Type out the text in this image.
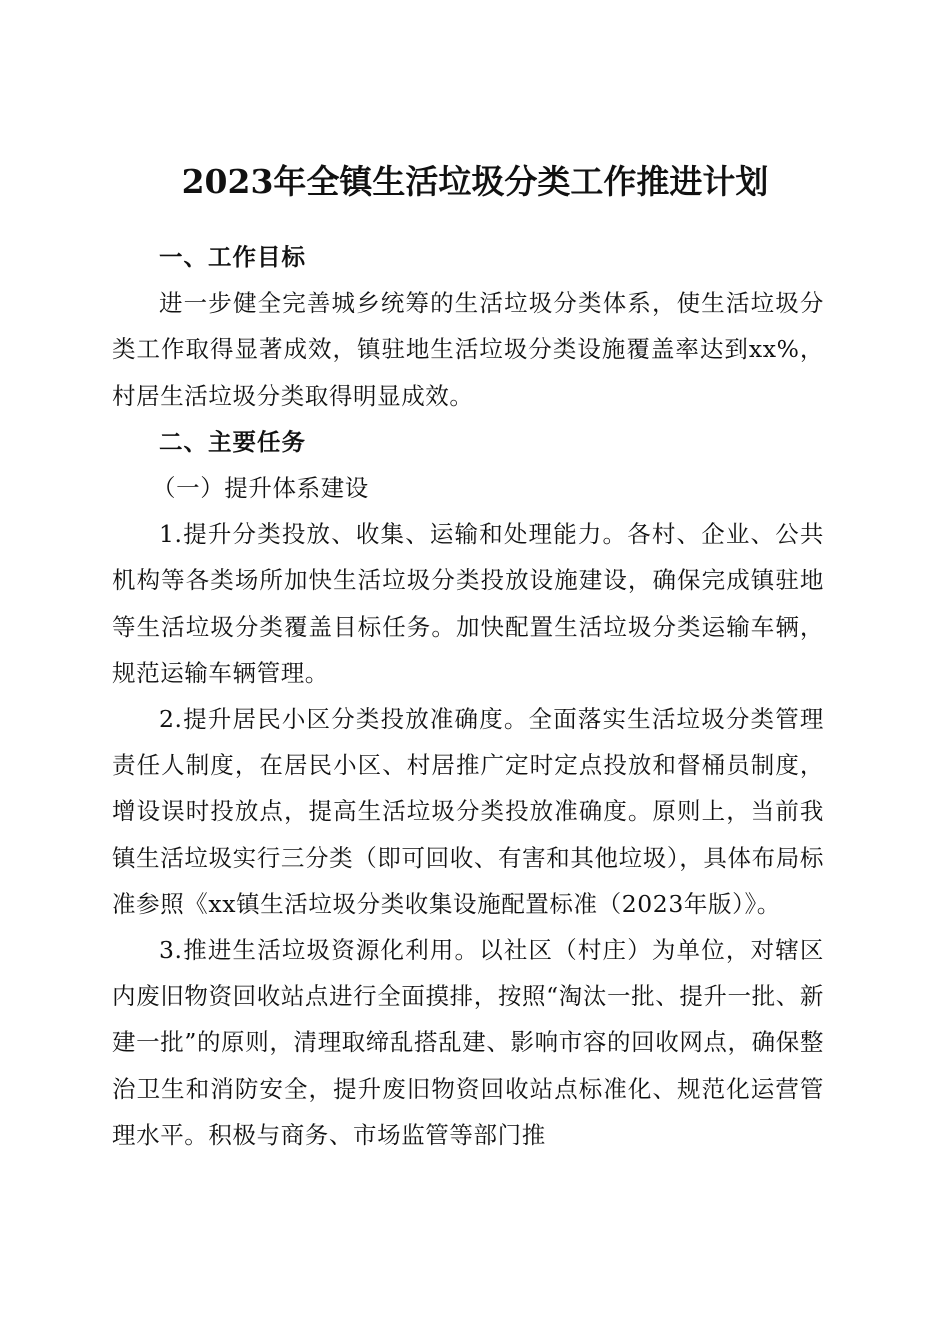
2023年全镇生活垃圾分类工作推进计划

一、工作目标

进一步健全完善城乡统筹的生活垃圾分类体系，使生活垃圾分类工作取得显著成效，镇驻地生活垃圾分类设施覆盖率达到xx%，村居生活垃圾分类取得明显成效。

二、主要任务

（一）提升体系建设

1.提升分类投放、收集、运输和处理能力。各村、企业、公共机构等各类场所加快生活垃圾分类投放设施建设，确保完成镇驻地等生活垃圾分类覆盖目标任务。加快配置生活垃圾分类运输车辆，规范运输车辆管理。

2.提升居民小区分类投放准确度。全面落实生活垃圾分类管理责任人制度，在居民小区、村居推广定时定点投放和督桶员制度，增设误时投放点，提高生活垃圾分类投放准确度。原则上，当前我镇生活垃圾实行三分类（即可回收、有害和其他垃圾），具体布局标准参照《xx镇生活垃圾分类收集设施配置标准（2023年版）》。

3.推进生活垃圾资源化利用。以社区（村庄）为单位，对辖区内废旧物资回收站点进行全面摸排，按照“淘汰一批、提升一批、新建一批”的原则，清理取缔乱搭乱建、影响市容的回收网点，确保整治卫生和消防安全，提升废旧物资回收站点标准化、规范化运营管理水平。积极与商务、市场监管等部门推
